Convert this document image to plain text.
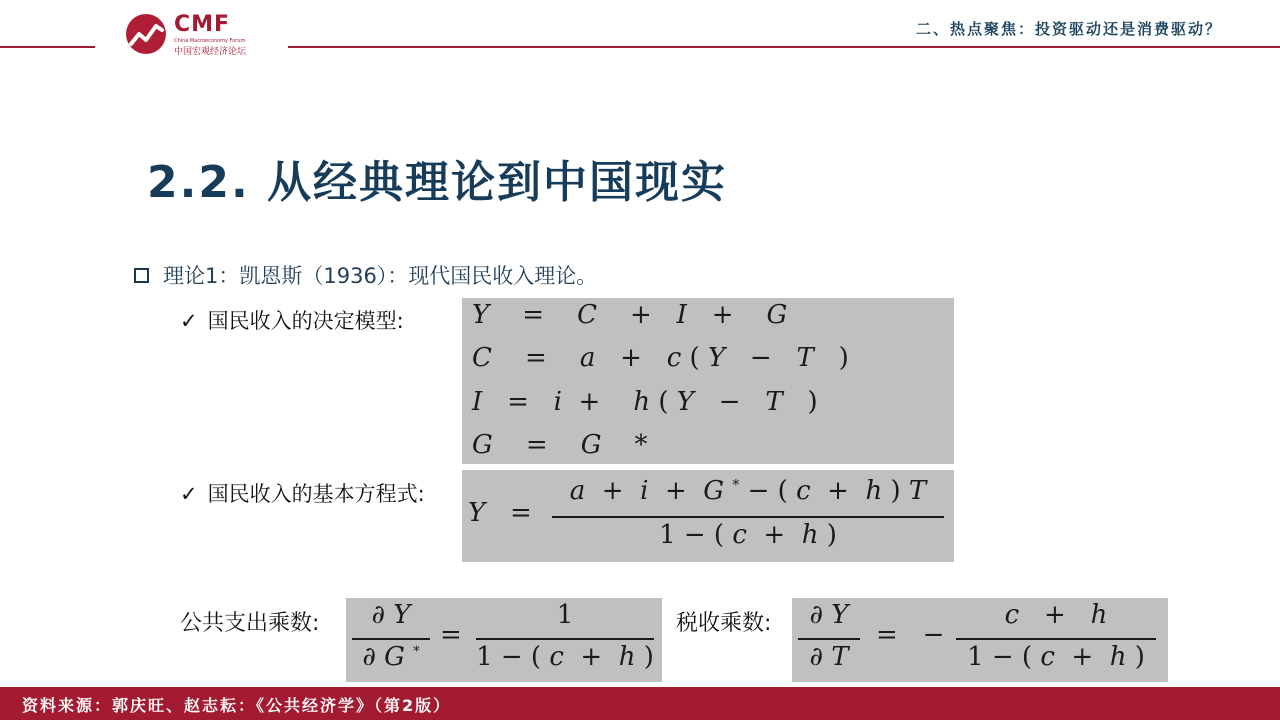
CMF
China Macroeconomy Forum
中国宏观经济论坛
二、热点聚焦：投资驱动还是消费驱动？
2.2. 从经典理论到中国现实
理论1：凯恩斯（1936）：现代国民收入理论。
✓ 国民收入的决定模型:	Y    =    C    +   I   +    G
C    =    a   +   c ( Y   −   T   )
I   =   i  +    h ( Y   −   T   )
G    =    G    *
✓ 国民收入的基本方程式:
Y   =
a  +  i  +  G * − ( c  +  h ) T
1 − ( c  +  h )
公共支出乘数:	∂ Y
∂ G *
=
1
1 − ( c  +  h )
税收乘数:	∂ Y
∂ T
=   −
c   +   h
1 − ( c  +  h )
资料来源：郭庆旺、赵志耘：《公共经济学》（第2版）
